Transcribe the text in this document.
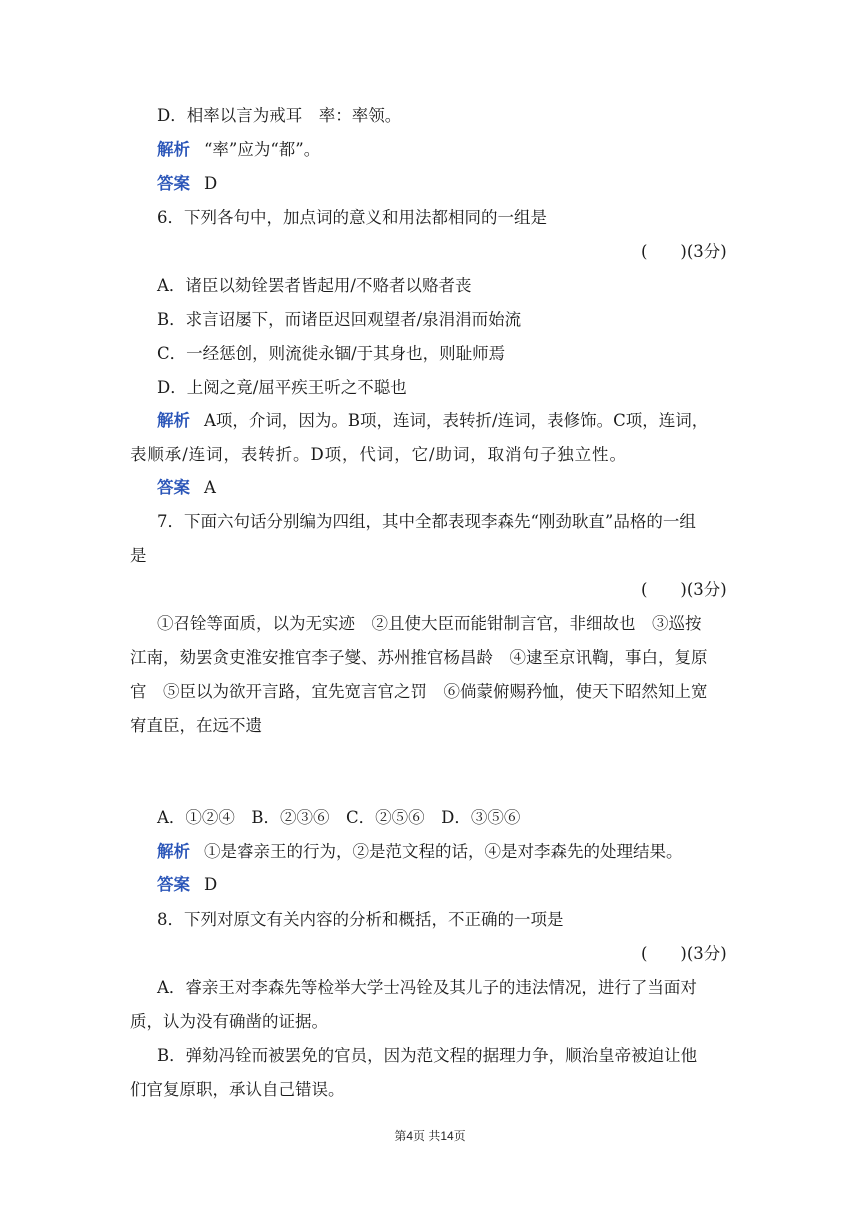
D．相率以言为戒耳　率：率领。
解析 “率”应为“都”。
答案 D
6．下列各句中，加点词的意义和用法都相同的一组是
(　　)(3分)
A．诸臣以劾铨罢者皆起用/不赂者以赂者丧
B．求言诏屡下，而诸臣迟回观望者/泉涓涓而始流
C．一经惩创，则流徙永锢/于其身也，则耻师焉
D．上阅之竟/屈平疾王听之不聪也
解析 A项，介词，因为。B项，连词，表转折/连词，表修饰。C项，连词，
表顺承/连词，表转折。D项，代词，它/助词，取消句子独立性。
答案 A
7．下面六句话分别编为四组，其中全都表现李森先“刚劲耿直”品格的一组
是
(　　)(3分)
①召铨等面质，以为无实迹　②且使大臣而能钳制言官，非细故也　③巡按
江南，劾罢贪吏淮安推官李子燮、苏州推官杨昌龄　④逮至京讯鞫，事白，复原
官　⑤臣以为欲开言路，宜先宽言官之罚　⑥倘蒙俯赐矜恤，使天下昭然知上宽
宥直臣，在远不遗
A．①②④　B．②③⑥　C．②⑤⑥　D．③⑤⑥
解析 ①是睿亲王的行为，②是范文程的话，④是对李森先的处理结果。
答案 D
8．下列对原文有关内容的分析和概括，不正确的一项是
(　　)(3分)
A．睿亲王对李森先等检举大学士冯铨及其儿子的违法情况，进行了当面对
质，认为没有确凿的证据。
B．弹劾冯铨而被罢免的官员，因为范文程的据理力争，顺治皇帝被迫让他
们官复原职，承认自己错误。
第4页 共14页
